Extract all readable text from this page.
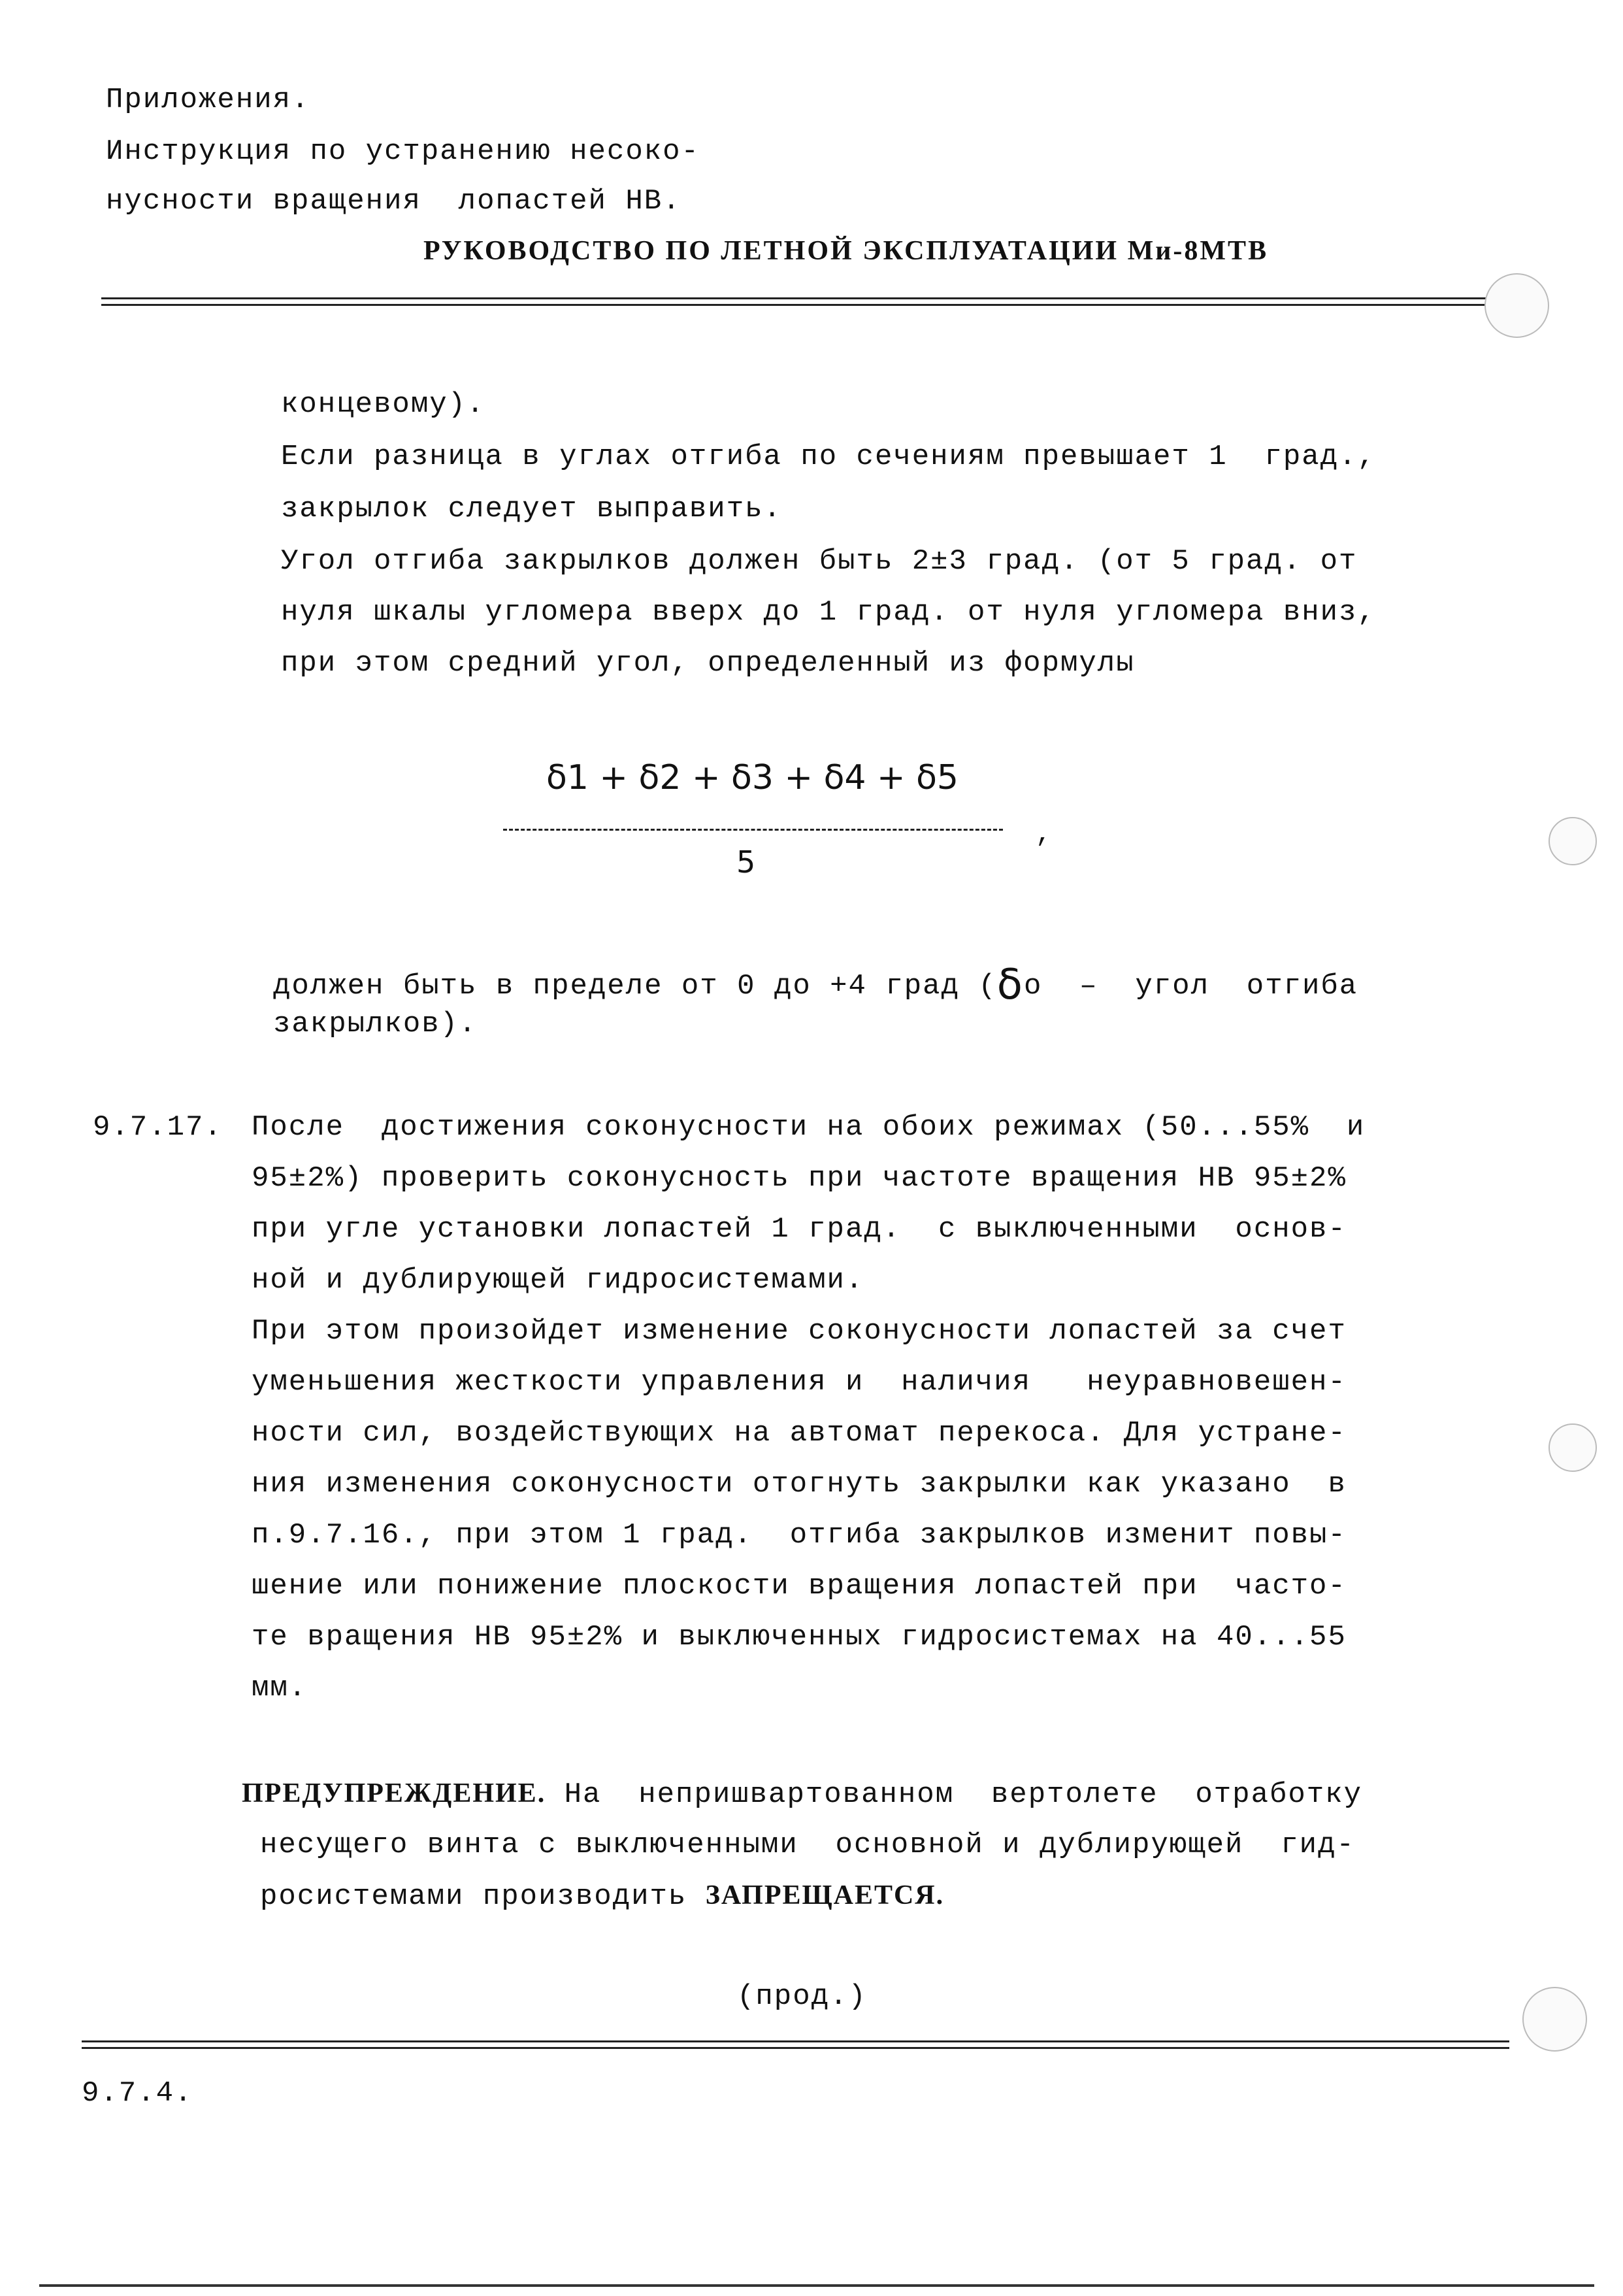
Приложения.
Инструкция по устранению несоко-
нусности вращения  лопастей НВ.
РУКОВОДСТВО ПО ЛЕТНОЙ ЭКСПЛУАТАЦИИ Ми-8МТВ
концевому).
Если разница в углах отгиба по сечениям превышает 1  град.,
закрылок следует выправить.
Угол отгиба закрылков должен быть 2±3 град. (от 5 град. от
нуля шкалы угломера вверх до 1 град. от нуля угломера вниз,
при этом средний угол, определенный из формулы
δ1 + δ2 + δ3 + δ4 + δ5
,
5
должен быть в пределе от 0 до +4 град (δо  –  угол  отгиба
закрылков).
9.7.17. После  достижения соконусности на обоих режимах (50...55%  и
95±2%) проверить соконусность при частоте вращения НВ 95±2%
при угле установки лопастей 1 град.  с выключенными  основ-
ной и дублирующей гидросистемами.
При этом произойдет изменение соконусности лопастей за счет
уменьшения жесткости управления и  наличия   неуравновешен-
ности сил, воздействующих на автомат перекоса. Для устране-
ния изменения соконусности отогнуть закрылки как указано  в
п.9.7.16., при этом 1 град.  отгиба закрылков изменит повы-
шение или понижение плоскости вращения лопастей при  часто-
те вращения НВ 95±2% и выключенных гидросистемах на 40...55
мм.
ПРЕДУПРЕЖДЕНИЕ. На  непришвартованном  вертолете  отработку
несущего винта с выключенными  основной и дублирующей  гид-
росистемами производить ЗАПРЕЩАЕТСЯ.
(прод.)
9.7.4.
